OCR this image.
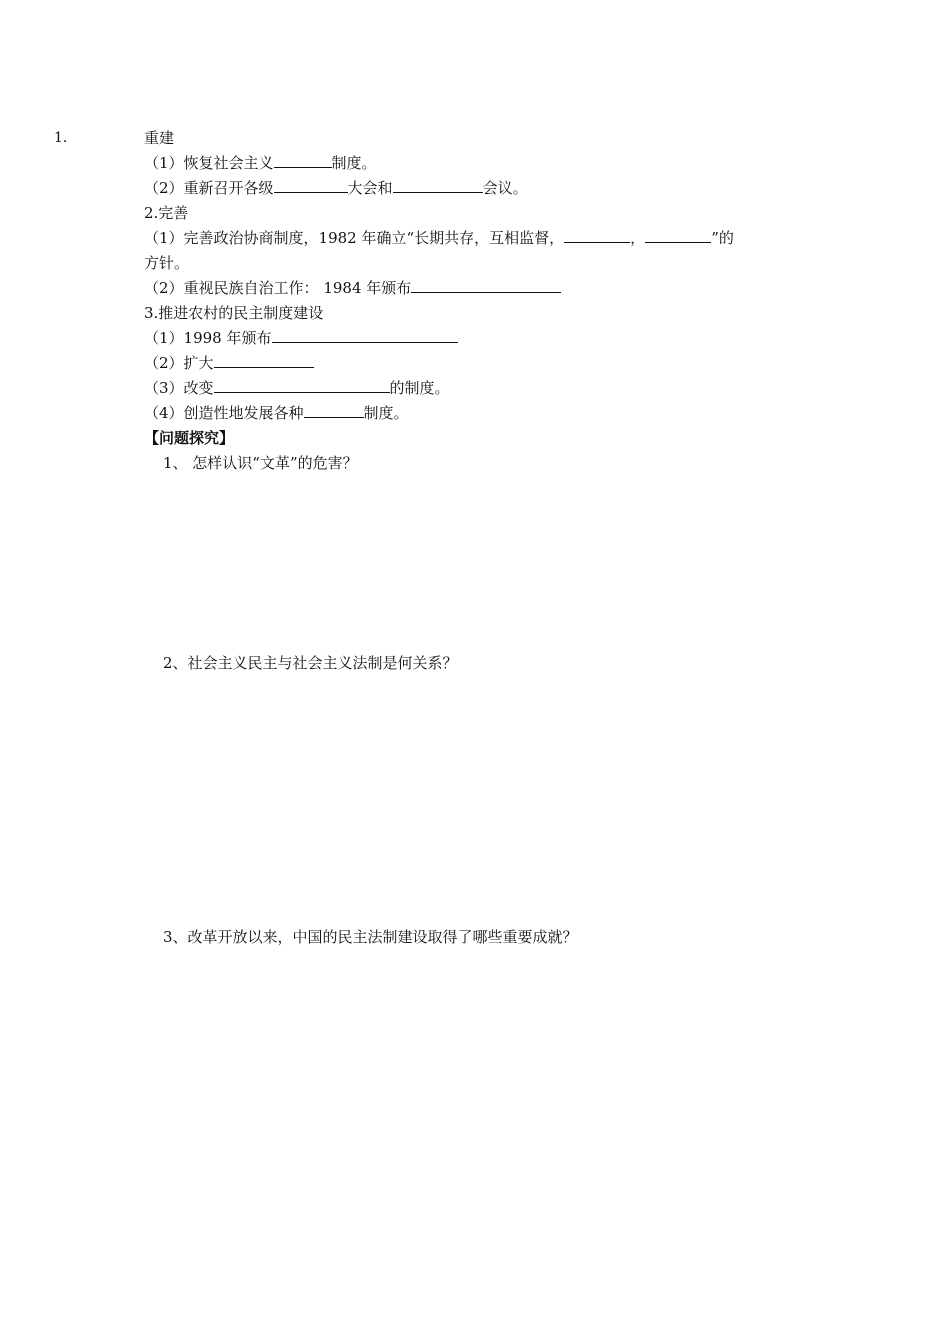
1．	重建
（1）恢复社会主义	制度。
（2）重新召开各级	大会和	会议。
2.完善
（1）完善政治协商制度，1982 年确立“长期共存，互相监督，	，	”的
方针。
（2）重视民族自治工作： 1984 年颁布
3.推进农村的民主制度建设
（1）1998 年颁布
（2）扩大
（3）改变	的制度。
（4）创造性地发展各种	制度。
【问题探究】
1、 怎样认识“文革”的危害？
2、社会主义民主与社会主义法制是何关系？
3、改革开放以来，中国的民主法制建设取得了哪些重要成就？
